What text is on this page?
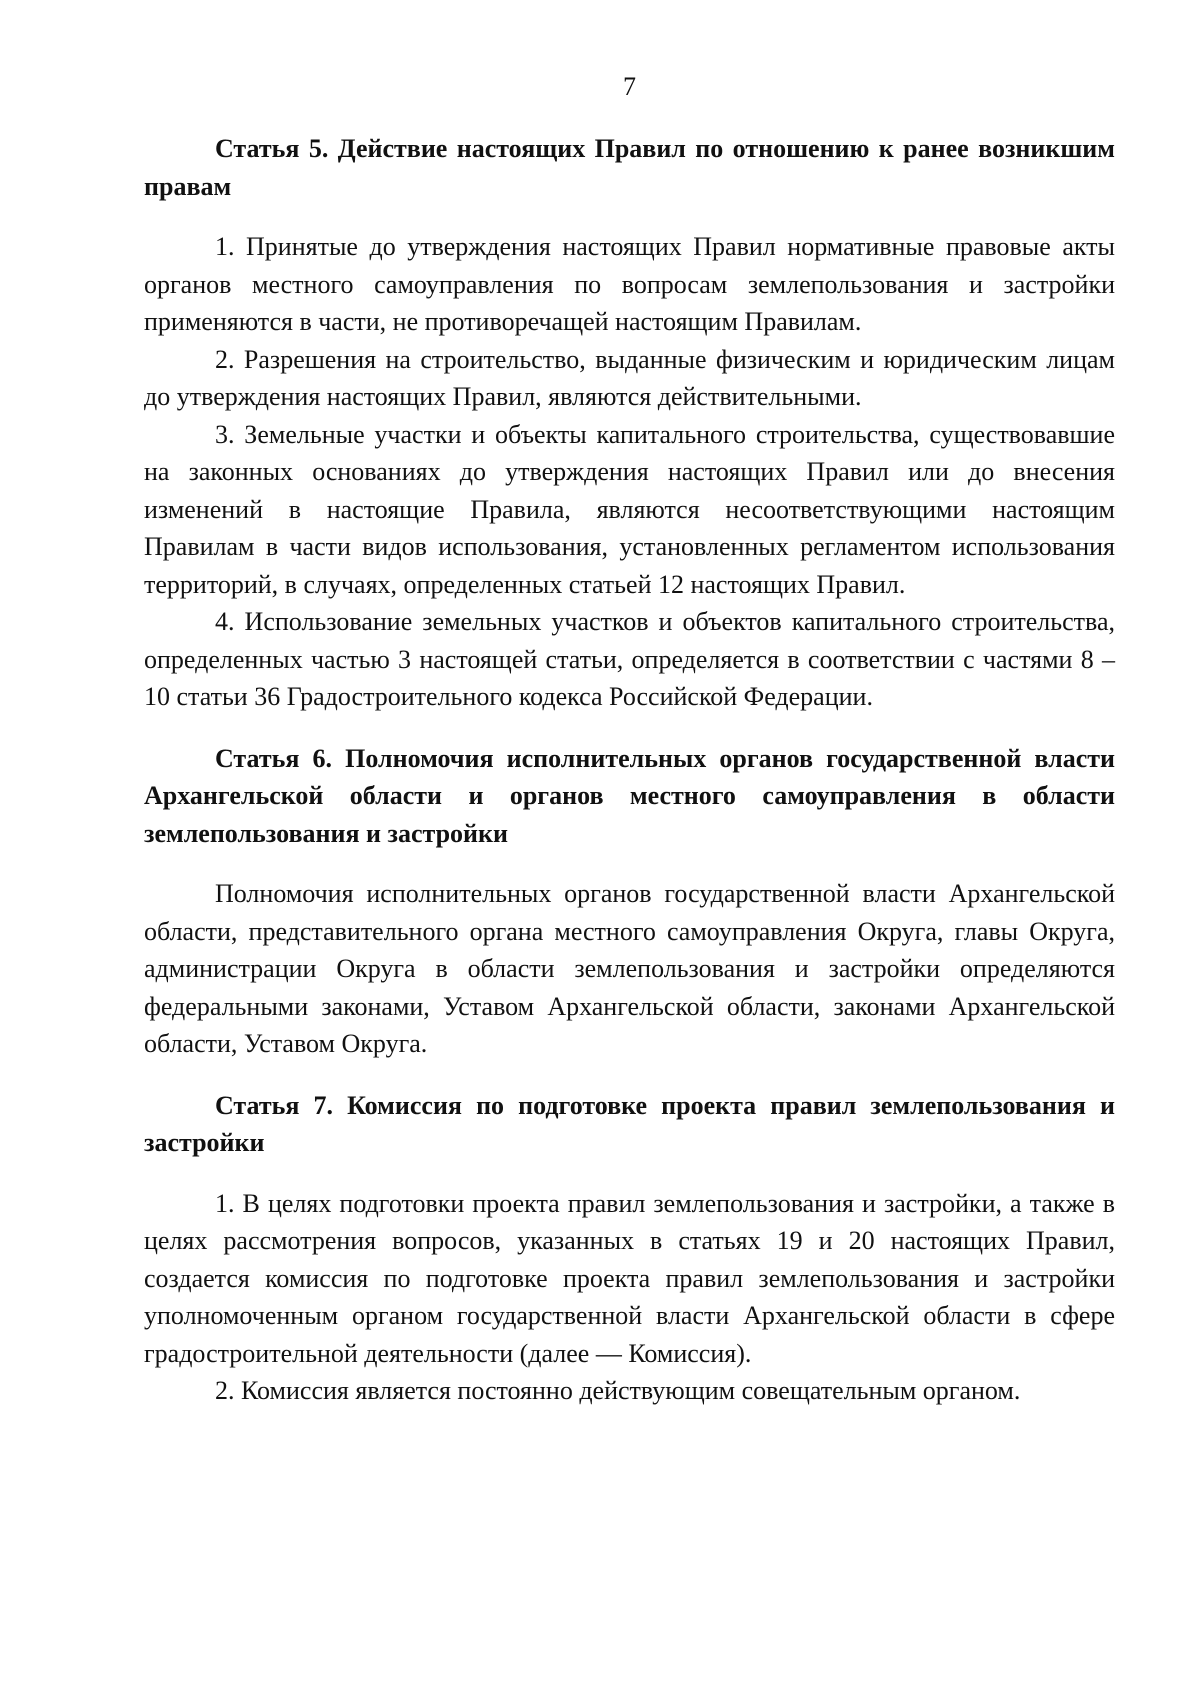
7

Статья 5. Действие настоящих Правил по отношению к ранее возникшим правам

1. Принятые до утверждения настоящих Правил нормативные правовые акты органов местного самоуправления по вопросам землепользования и застройки применяются в части, не противоречащей настоящим Правилам.

2. Разрешения на строительство, выданные физическим и юридическим лицам до утверждения настоящих Правил, являются действительными.

3. Земельные участки и объекты капитального строительства, существовавшие на законных основаниях до утверждения настоящих Правил или до внесения изменений в настоящие Правила, являются несоответствующими настоящим Правилам в части видов использования, установленных регламентом использования территорий, в случаях, определенных статьей 12 настоящих Правил.

4. Использование земельных участков и объектов капитального строительства, определенных частью 3 настоящей статьи, определяется в соответствии с частями 8 – 10 статьи 36 Градостроительного кодекса Российской Федерации.

Статья 6. Полномочия исполнительных органов государственной власти Архангельской области и органов местного самоуправления в области землепользования и застройки

Полномочия исполнительных органов государственной власти Архангельской области, представительного органа местного самоуправления Округа, главы Округа, администрации Округа в области землепользования и застройки определяются федеральными законами, Уставом Архангельской области, законами Архангельской области, Уставом Округа.

Статья 7. Комиссия по подготовке проекта правил землепользования и застройки

1. В целях подготовки проекта правил землепользования и застройки, а также в целях рассмотрения вопросов, указанных в статьях 19 и 20 настоящих Правил, создается комиссия по подготовке проекта правил землепользования и застройки уполномоченным органом государственной власти Архангельской области в сфере градостроительной деятельности (далее — Комиссия).

2. Комиссия является постоянно действующим совещательным органом.
